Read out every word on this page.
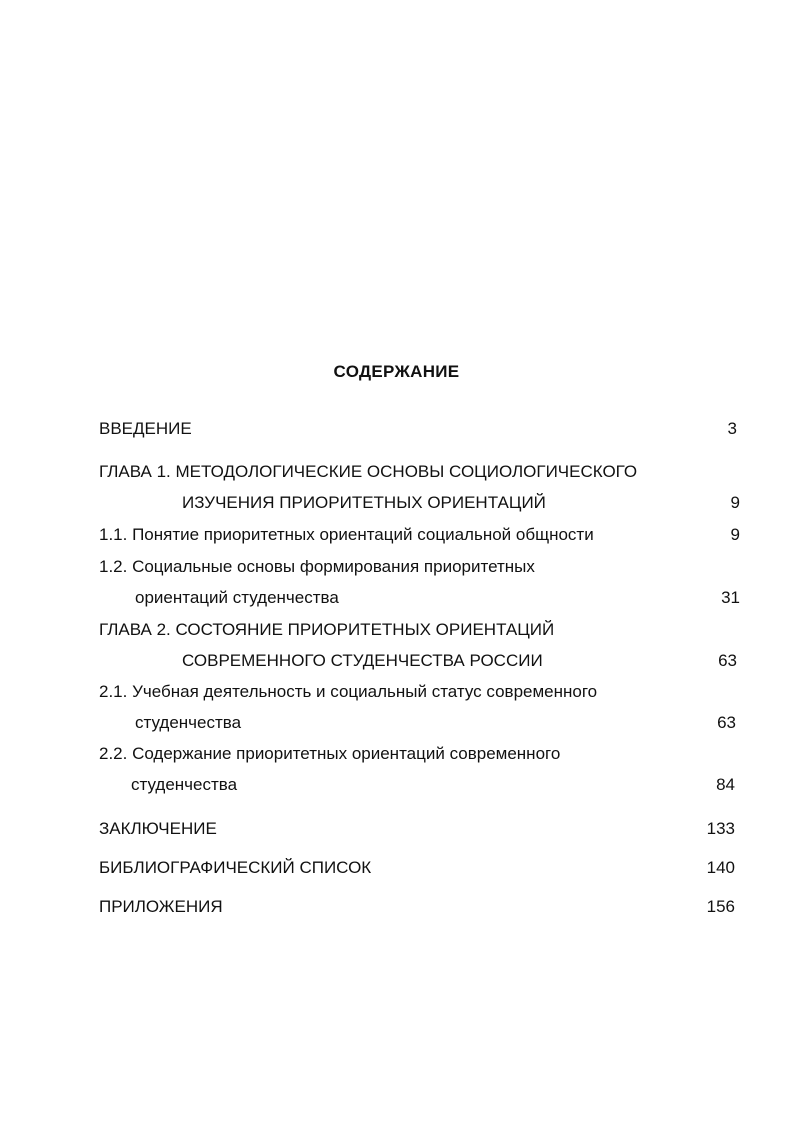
СОДЕРЖАНИЕ
ВВЕДЕНИЕ	3
ГЛАВА 1. МЕТОДОЛОГИЧЕСКИЕ ОСНОВЫ СОЦИОЛОГИЧЕСКОГО
ИЗУЧЕНИЯ ПРИОРИТЕТНЫХ ОРИЕНТАЦИЙ	9
1.1. Понятие приоритетных ориентаций социальной общности	9
1.2. Социальные основы формирования приоритетных
ориентаций студенчества	31
ГЛАВА 2. СОСТОЯНИЕ ПРИОРИТЕТНЫХ ОРИЕНТАЦИЙ
СОВРЕМЕННОГО СТУДЕНЧЕСТВА РОССИИ	63
2.1. Учебная деятельность и социальный статус современного
студенчества	63
2.2. Содержание приоритетных ориентаций современного
студенчества	84
ЗАКЛЮЧЕНИЕ	133
БИБЛИОГРАФИЧЕСКИЙ СПИСОК	140
ПРИЛОЖЕНИЯ	156
